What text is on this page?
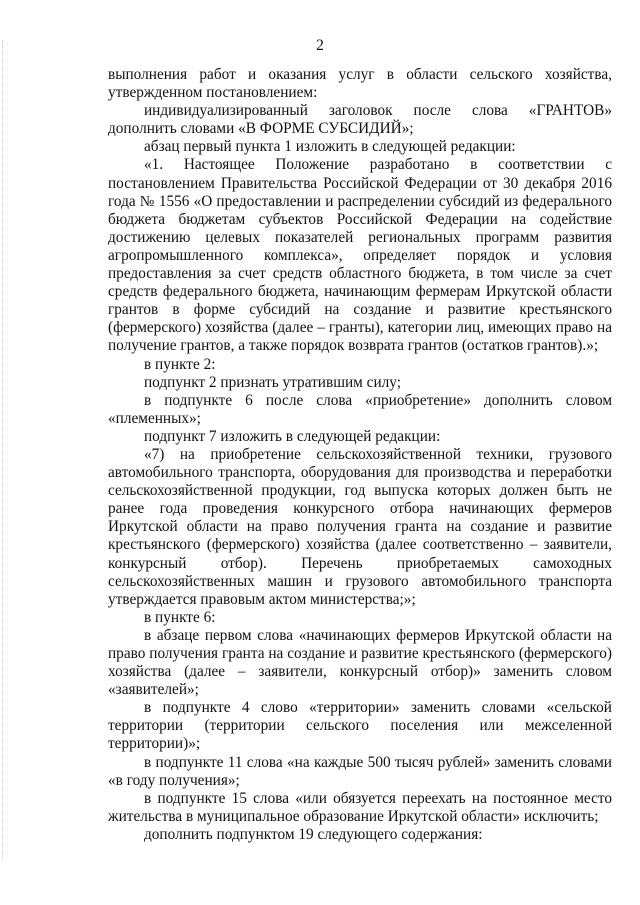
2

выполнения работ и оказания услуг в области сельского хозяйства, утвержденном постановлением:

индивидуализированный заголовок после слова «ГРАНТОВ» дополнить словами «В ФОРМЕ СУБСИДИЙ»;

абзац первый пункта 1 изложить в следующей редакции:

«1. Настоящее Положение разработано в соответствии с постановлением Правительства Российской Федерации от 30 декабря 2016 года № 1556 «О предоставлении и распределении субсидий из федерального бюджета бюджетам субъектов Российской Федерации на содействие достижению целевых показателей региональных программ развития агропромышленного комплекса», определяет порядок и условия предоставления за счет средств областного бюджета, в том числе за счет средств федерального бюджета, начинающим фермерам Иркутской области грантов в форме субсидий на создание и развитие крестьянского (фермерского) хозяйства (далее – гранты), категории лиц, имеющих право на получение грантов, а также порядок возврата грантов (остатков грантов).»;

в пункте 2:

подпункт 2 признать утратившим силу;

в подпункте 6 после слова «приобретение» дополнить словом «племенных»;

подпункт 7 изложить в следующей редакции:

«7) на приобретение сельскохозяйственной техники, грузового автомобильного транспорта, оборудования для производства и переработки сельскохозяйственной продукции, год выпуска которых должен быть не ранее года проведения конкурсного отбора начинающих фермеров Иркутской области на право получения гранта на создание и развитие крестьянского (фермерского) хозяйства (далее соответственно – заявители, конкурсный отбор). Перечень приобретаемых самоходных сельскохозяйственных машин и грузового автомобильного транспорта утверждается правовым актом министерства;»;

в пункте 6:

в абзаце первом слова «начинающих фермеров Иркутской области на право получения гранта на создание и развитие крестьянского (фермерского) хозяйства (далее – заявители, конкурсный отбор)» заменить словом «заявителей»;

в подпункте 4 слово «территории» заменить словами «сельской территории (территории сельского поселения или межселенной территории)»;

в подпункте 11 слова «на каждые 500 тысяч рублей» заменить словами «в году получения»;

в подпункте 15 слова «или обязуется переехать на постоянное место жительства в муниципальное образование Иркутской области» исключить;

дополнить подпунктом 19 следующего содержания:
